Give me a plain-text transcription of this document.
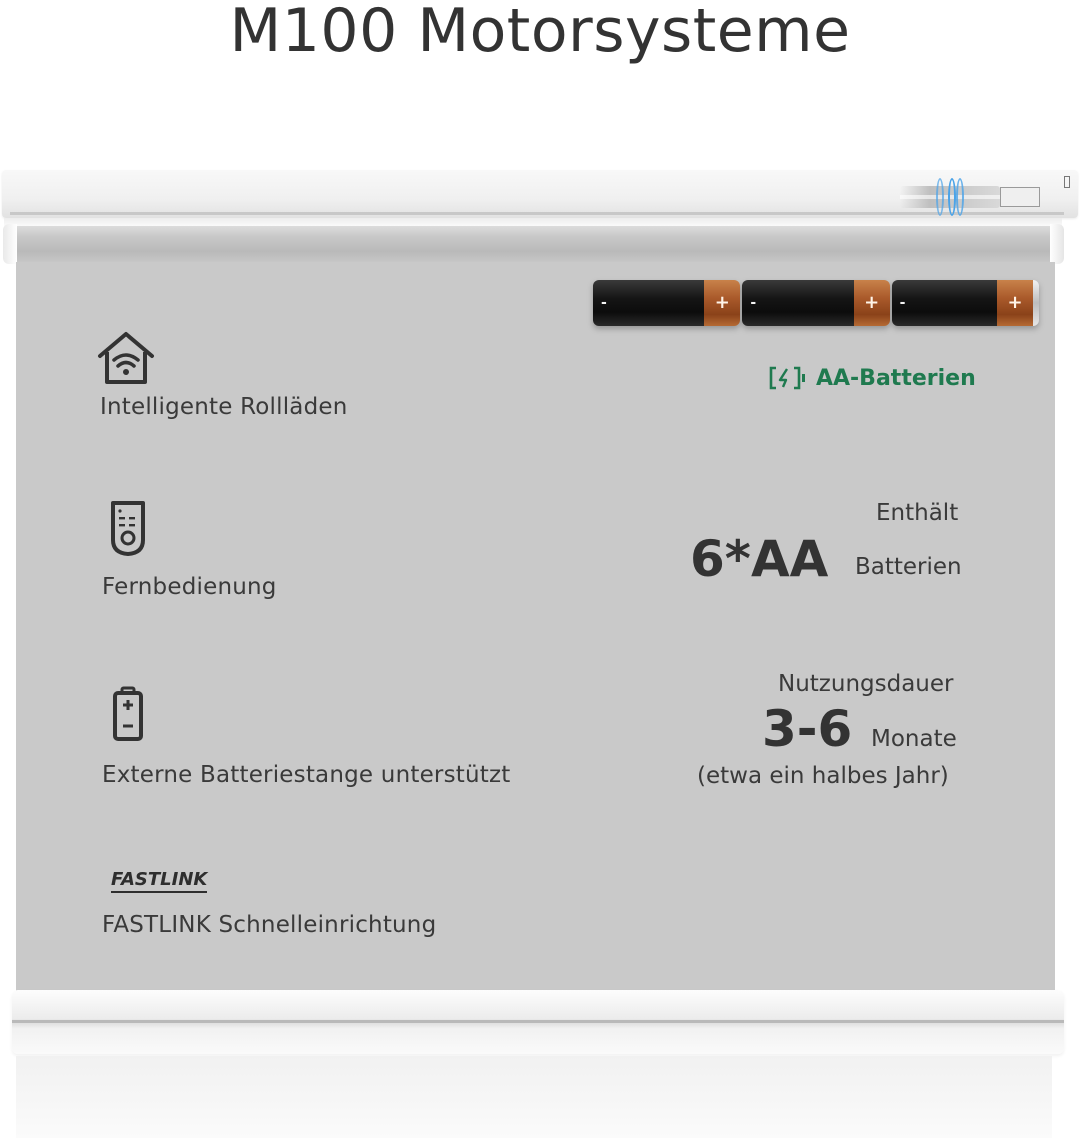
M100 Motorsysteme
-	+ -	+ -	+
AA-Batterien
Intelligente Rollläden
Fernbedienung
Externe Batteriestange unterstützt
FASTLINK
FASTLINK Schnelleinrichtung
Enthält
6*AA Batterien
Nutzungsdauer
3-6 Monate
(etwa ein halbes Jahr)
